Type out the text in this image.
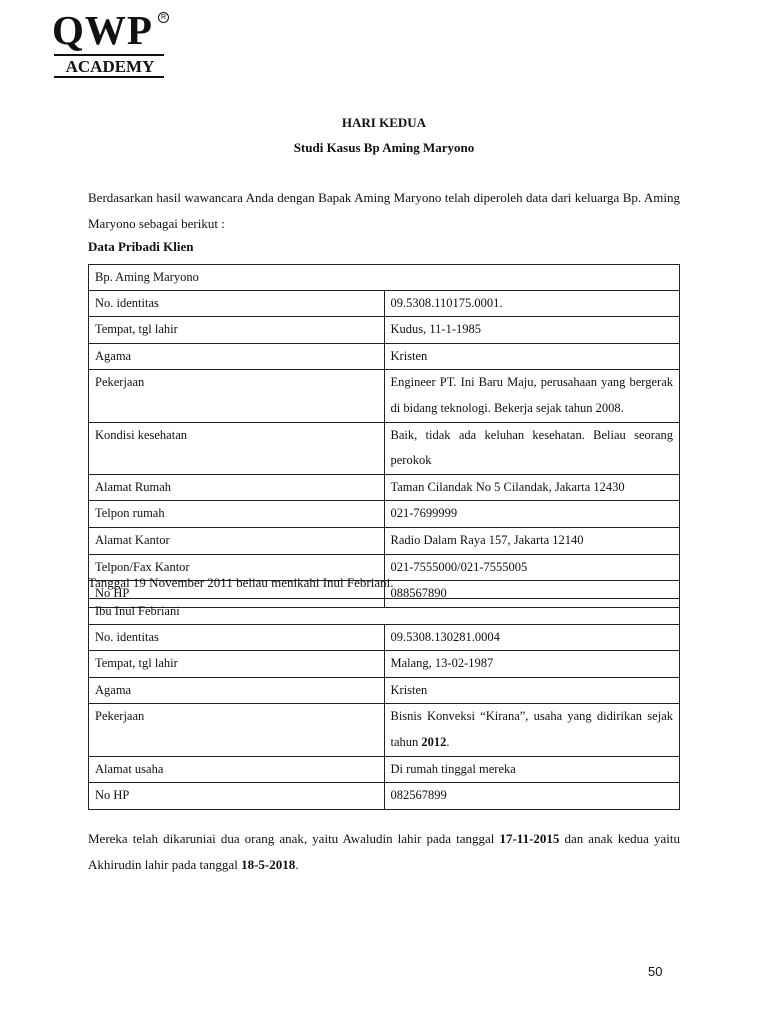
QWP	R
ACADEMY
HARI KEDUA
Studi Kasus Bp Aming Maryono
Berdasarkan hasil wawancara Anda dengan Bapak Aming Maryono telah diperoleh data dari keluarga Bp. Aming Maryono sebagai berikut :
Data Pribadi Klien
Bp. Aming Maryono	
No. identitas	09.5308.110175.0001.
Tempat, tgl lahir	Kudus, 11-1-1985
Agama	Kristen
Pekerjaan	Engineer PT. Ini Baru Maju, perusahaan yang bergerak di bidang teknologi. Bekerja sejak tahun 2008.
Kondisi kesehatan	Baik, tidak ada keluhan kesehatan. Beliau seorang perokok
Alamat Rumah	Taman Cilandak No 5 Cilandak, Jakarta 12430
Telpon rumah	021-7699999
Alamat Kantor	Radio Dalam Raya 157, Jakarta 12140
Telpon/Fax Kantor	021-7555000/021-7555005
No HP	088567890
Tanggal 19 November 2011 beliau menikahi Inul Febriani.
Ibu Inul Febriani	
No. identitas	09.5308.130281.0004
Tempat, tgl lahir	Malang, 13-02-1987
Agama	Kristen
Pekerjaan	Bisnis Konveksi “Kirana”, usaha yang didirikan sejak tahun 2012.
Alamat usaha	Di rumah tinggal mereka
No HP	082567899
Mereka telah dikaruniai dua orang anak, yaitu Awaludin lahir pada tanggal 17-11-2015 dan anak kedua yaitu Akhirudin lahir pada tanggal 18-5-2018.
50
